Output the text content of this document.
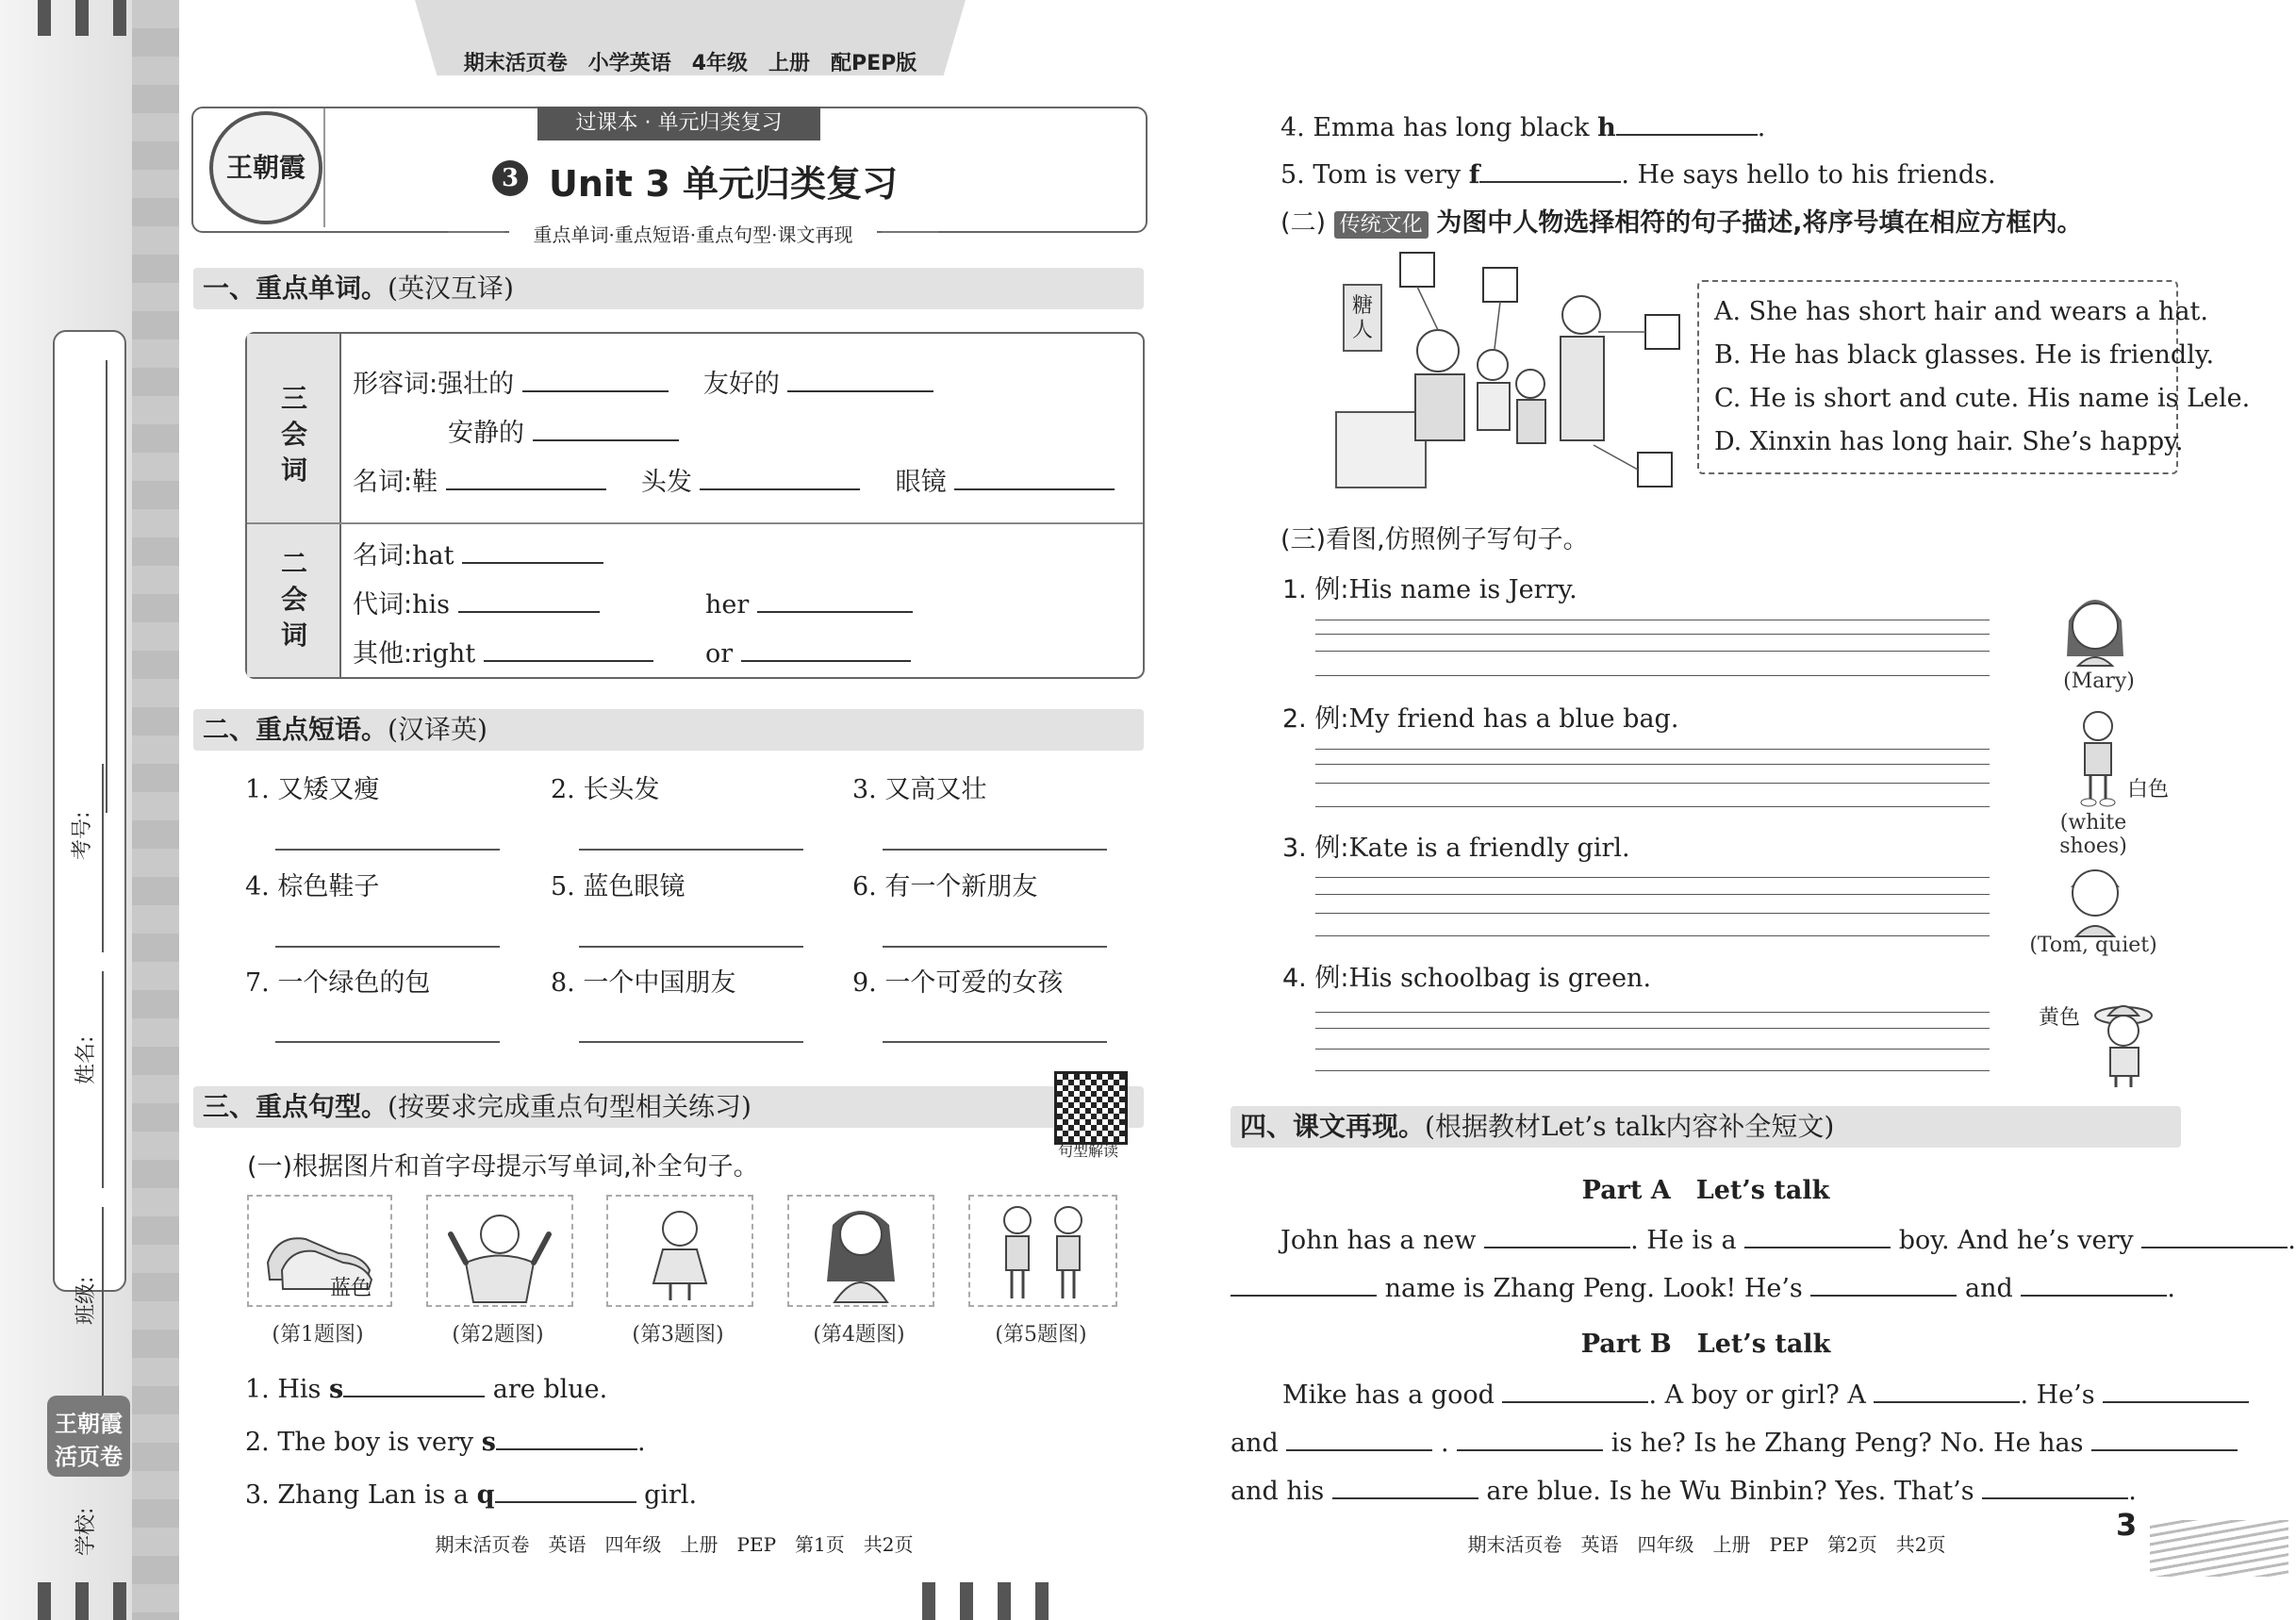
考号:
姓名:
班级:
学校:
王朝霞
活页卷
期末活页卷　小学英语　4年级　上册　配PEP版
王朝霞
过课本 · 单元归类复习
3 Unit 3 单元归类复习
重点单词·重点短语·重点句型·课文再现
一、重点单词。(英汉互译)
三会词
二会词
形容词:强壮的	友好的
安静的
名词:鞋	头发	眼镜
名词:hat
代词:his	her
其他:right	or
二、重点短语。(汉译英)
1. 又矮又瘦	2. 长头发	3. 又高又壮
4. 棕色鞋子	5. 蓝色眼镜	6. 有一个新朋友
7. 一个绿色的包	8. 一个中国朋友	9. 一个可爱的女孩
三、重点句型。(按要求完成重点句型相关练习)
句型解读
(一)根据图片和首字母提示写单词,补全句子。
蓝色
(第1题图)	(第2题图)	(第3题图)	(第4题图)	(第5题图)
1. His s	are blue.
2. The boy is very s	.
3. Zhang Lan is a q	girl.
期末活页卷　英语　四年级　上册　PEP　第1页　共2页
4. Emma has long black h	.
5. Tom is very f	. He says hello to his friends.
(二) 传统文化 为图中人物选择相符的句子描述,将序号填在相应方框内。
糖人
A. She has short hair and wears a hat.
B. He has black glasses. He is friendly.
C. He is short and cute. His name is Lele.
D. Xinxin has long hair. She’s happy.
(三)看图,仿照例子写句子。
1. 例:His name is Jerry.
2. 例:My friend has a blue bag.
3. 例:Kate is a friendly girl.
4. 例:His schoolbag is green.
(Mary)
白色
(white shoes)
(Tom, quiet)
黄色
四、课文再现。(根据教材Let’s talk内容补全短文)
Part A　Let’s talk
John has a new	. He is a	boy. And he’s very	.
name is Zhang Peng. Look! He’s	and	.
Part B　Let’s talk
Mike has a good	. A boy or girl? A	. He’s
and	.	is he? Is he Zhang Peng? No. He has
and his	are blue. Is he Wu Binbin? Yes. That’s	.
期末活页卷　英语　四年级　上册　PEP　第2页　共2页
3
